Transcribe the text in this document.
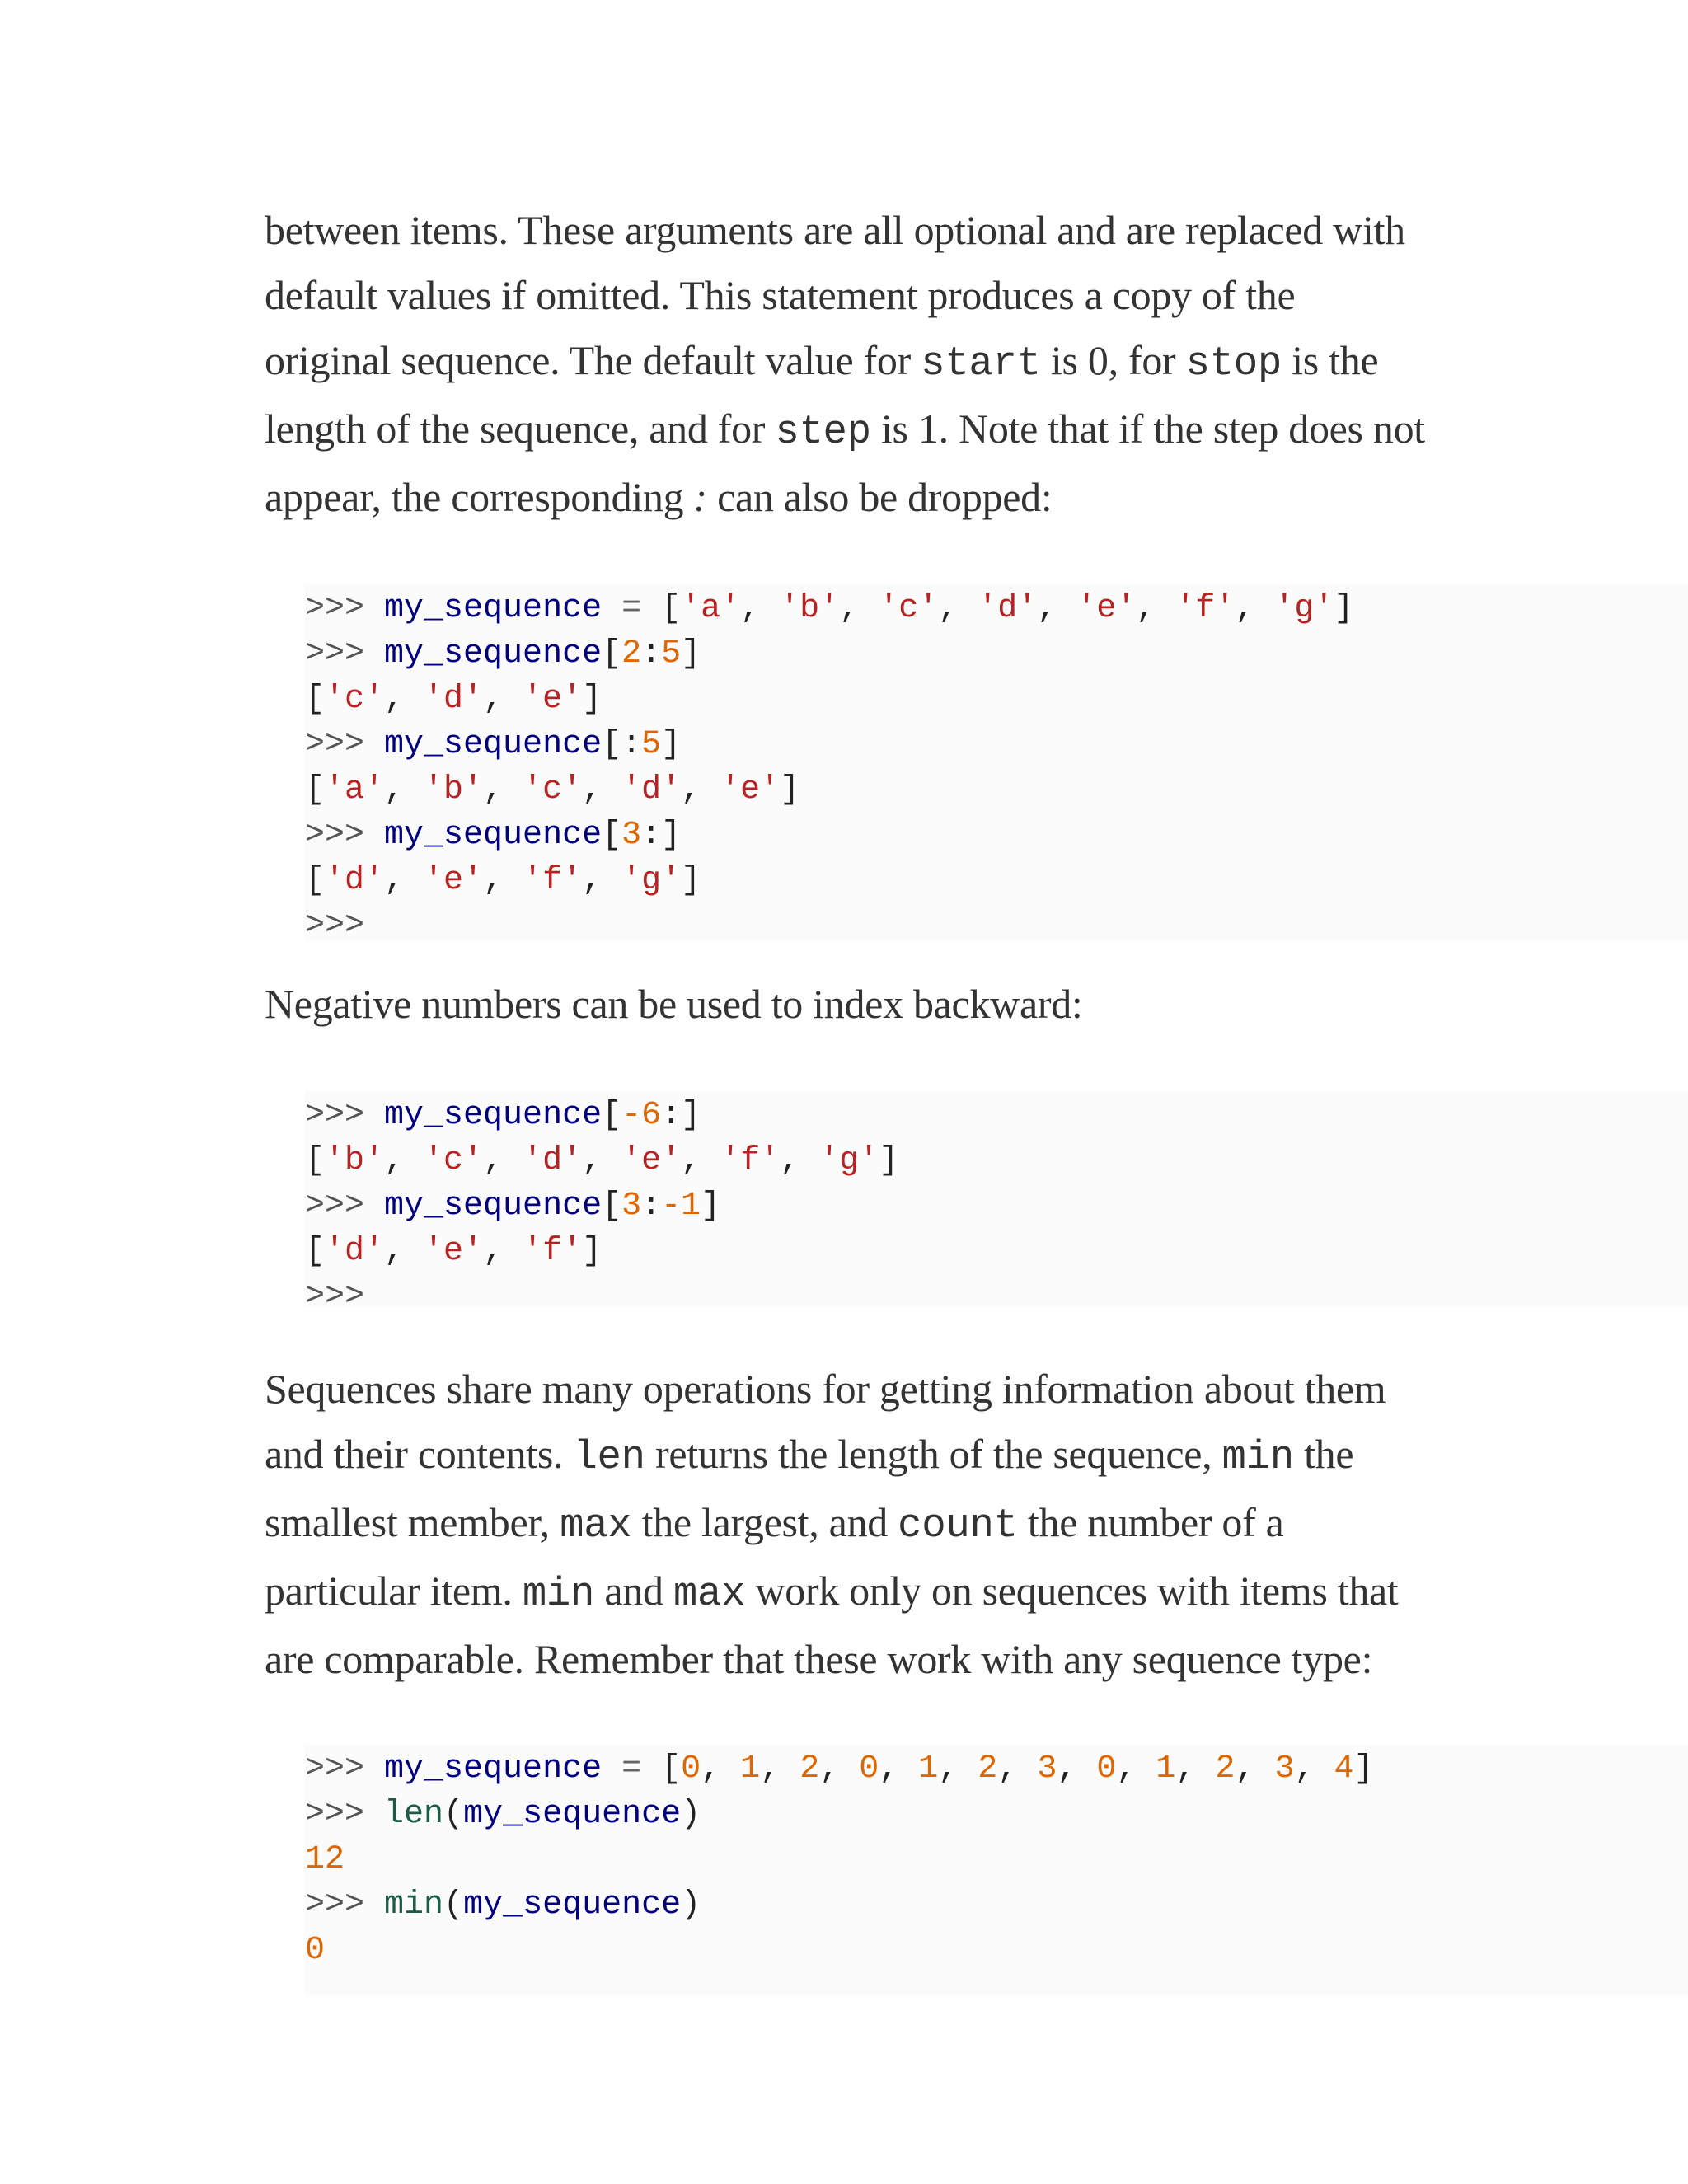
between items. These arguments are all optional and are replaced with default values if omitted. This statement produces a copy of the original sequence. The default value for start is 0, for stop is the length of the sequence, and for step is 1. Note that if the step does not appear, the corresponding : can also be dropped:

>>> my_sequence = ['a', 'b', 'c', 'd', 'e', 'f', 'g']
>>> my_sequence[2:5]
['c', 'd', 'e']
>>> my_sequence[:5]
['a', 'b', 'c', 'd', 'e']
>>> my_sequence[3:]
['d', 'e', 'f', 'g']
>>>

Negative numbers can be used to index backward:

>>> my_sequence[-6:]
['b', 'c', 'd', 'e', 'f', 'g']
>>> my_sequence[3:-1]
['d', 'e', 'f']
>>>

Sequences share many operations for getting information about them and their contents. len returns the length of the sequence, min the smallest member, max the largest, and count the number of a particular item. min and max work only on sequences with items that are comparable. Remember that these work with any sequence type:

>>> my_sequence = [0, 1, 2, 0, 1, 2, 3, 0, 1, 2, 3, 4]
>>> len(my_sequence)
12
>>> min(my_sequence)
0
